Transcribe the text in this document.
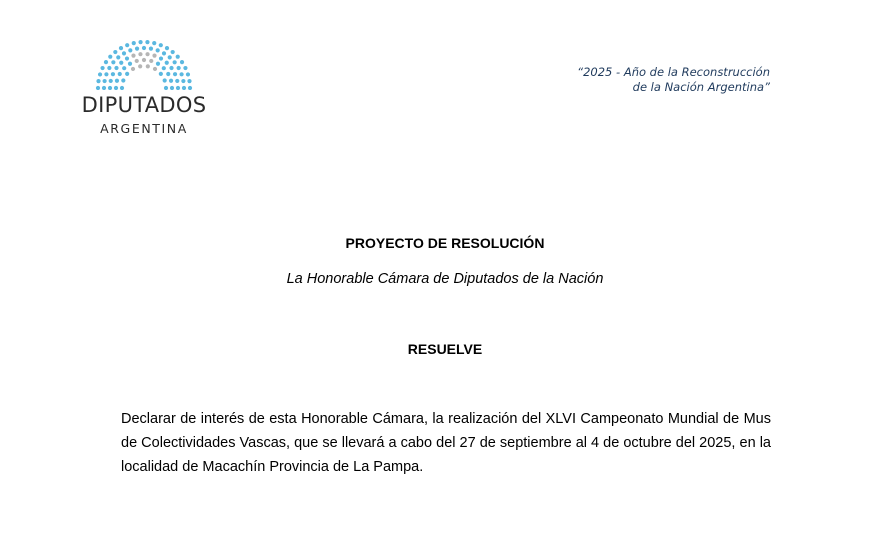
DIPUTADOS
ARGENTINA
“2025 - Año de la Reconstrucción
de la Nación Argentina”
PROYECTO DE RESOLUCIÓN
La Honorable Cámara de Diputados de la Nación
RESUELVE
Declarar de interés de esta Honorable Cámara, la realización del XLVI Campeonato Mundial de Mus de Colectividades Vascas, que se llevará a cabo del 27 de septiembre al 4 de octubre del 2025, en la localidad de Macachín Provincia de La Pampa.
